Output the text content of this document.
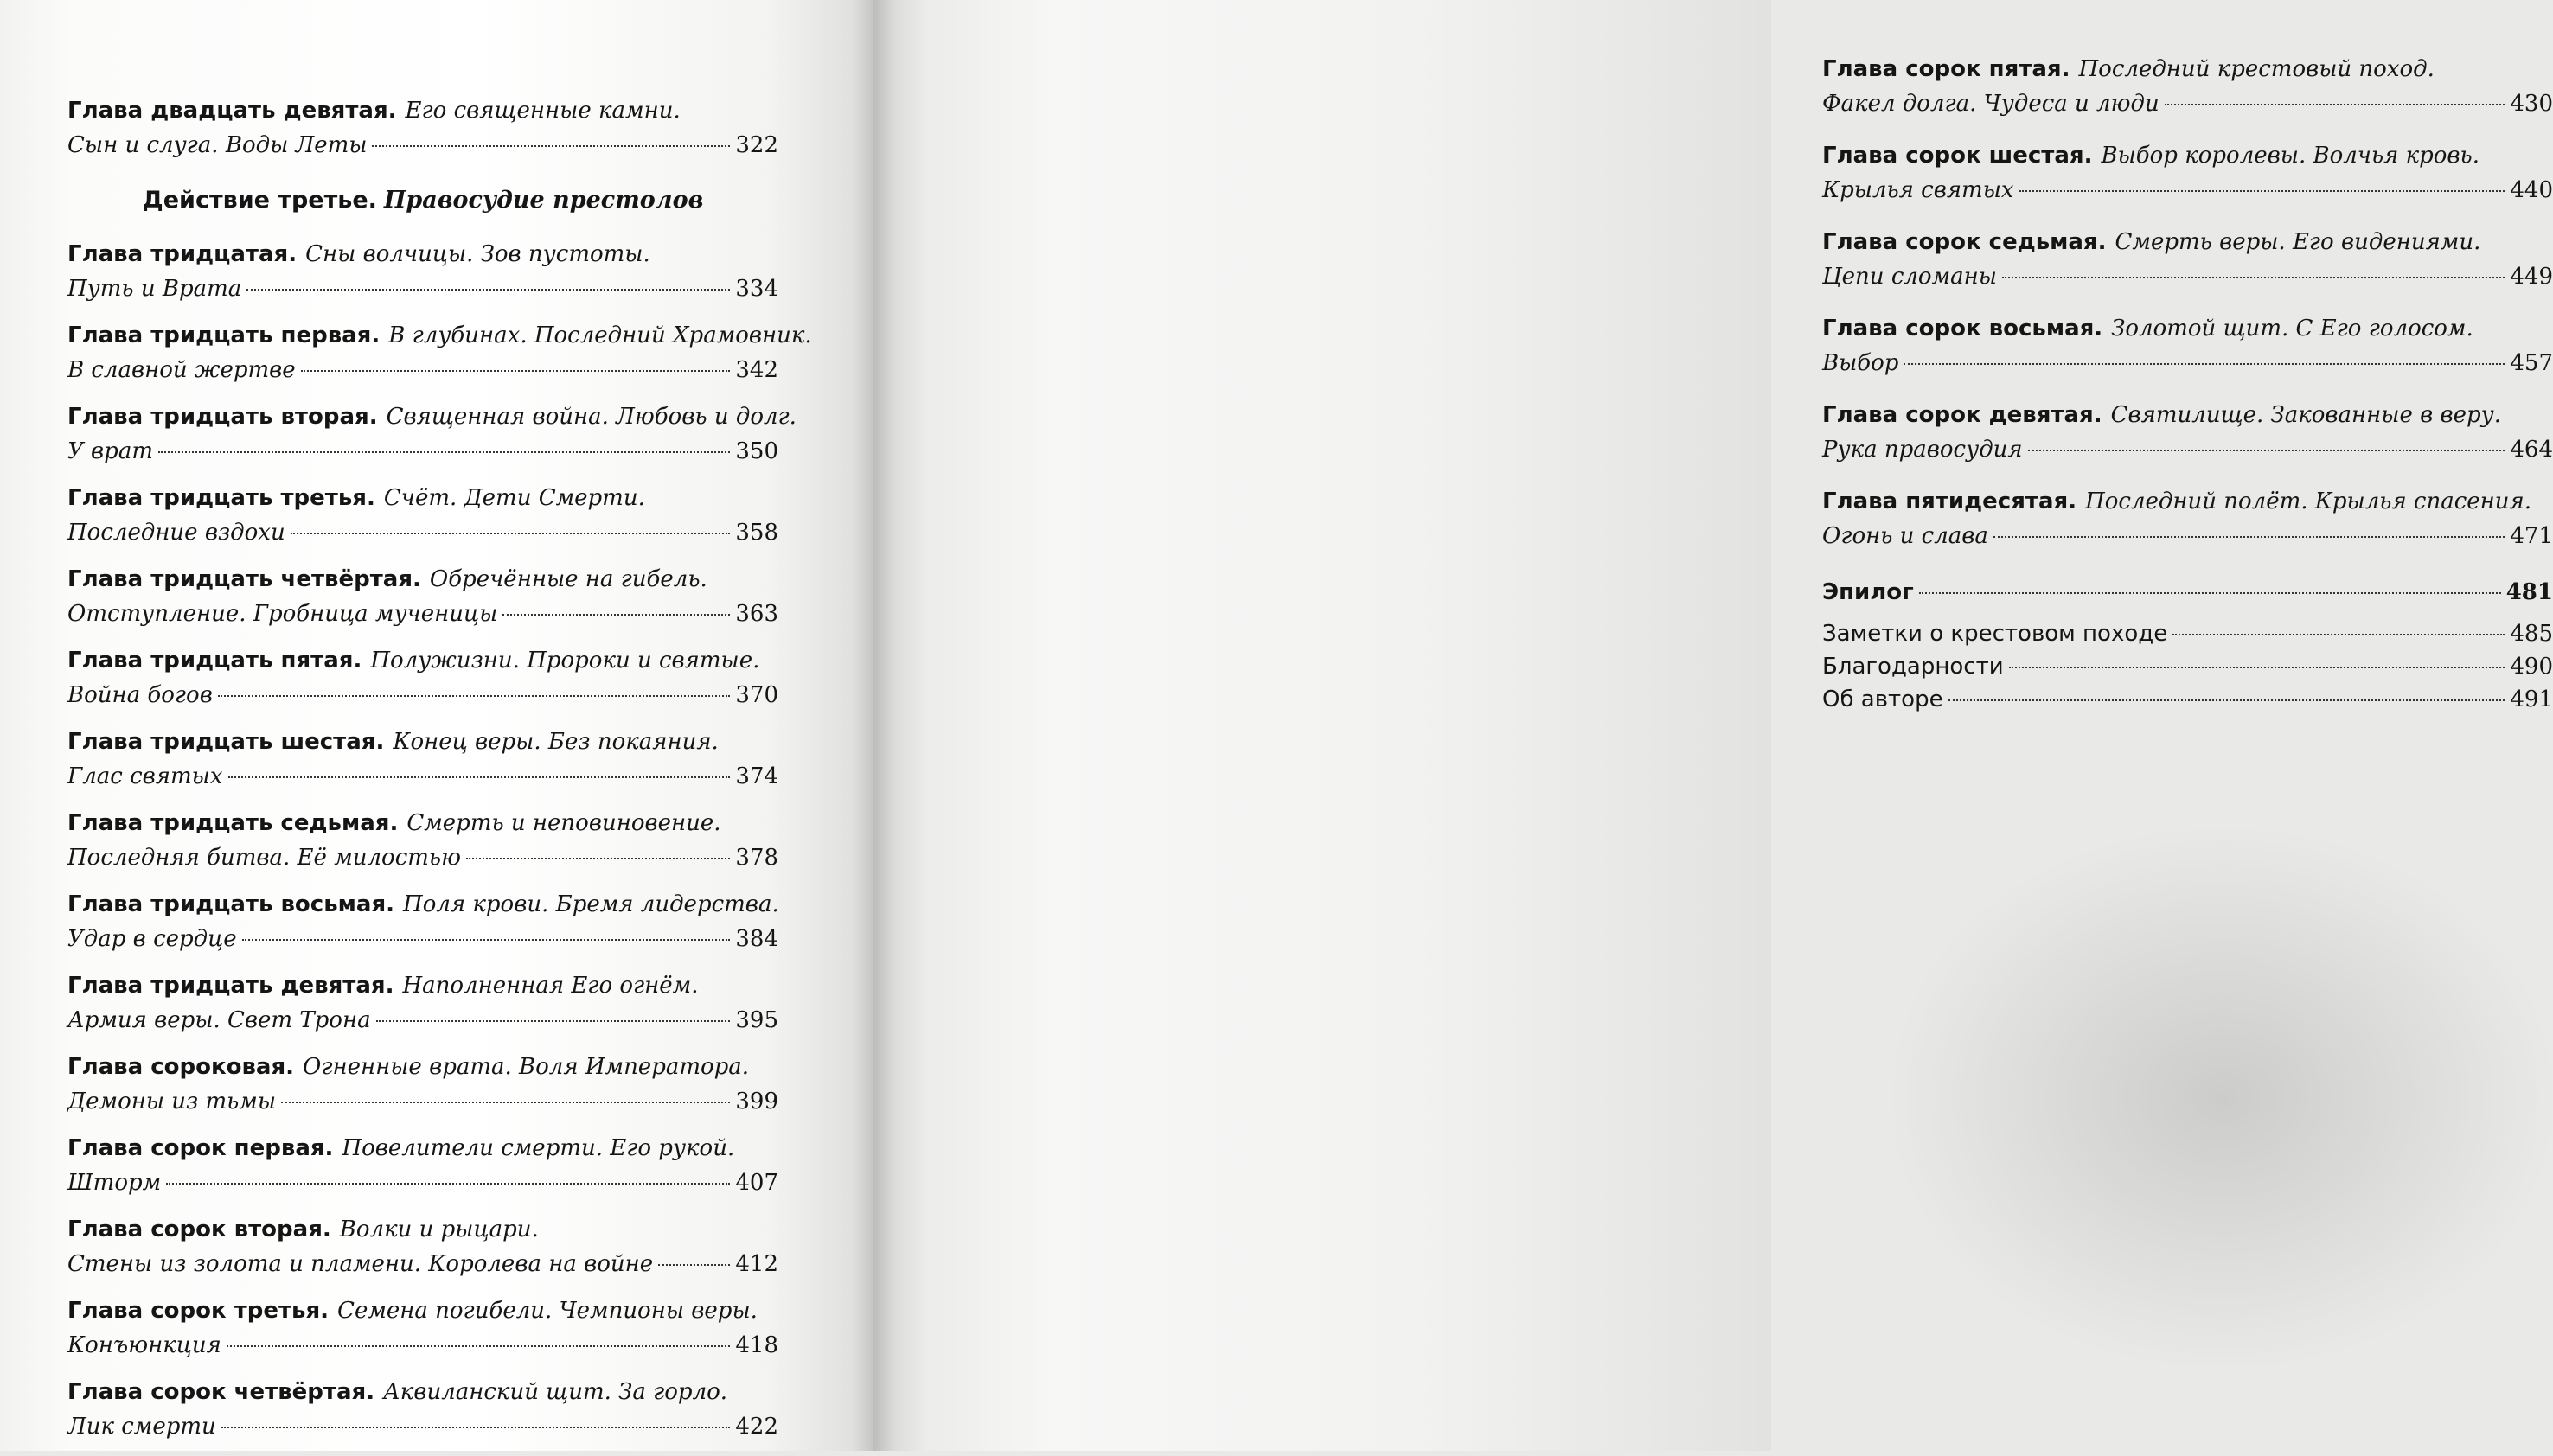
Глава двадцать девятая. Его священные камни.
Сын и слуга. Воды Леты	322
Действие третье. Правосудие престолов
Глава тридцатая. Сны волчицы. Зов пустоты.
Путь и Врата	334
Глава тридцать первая. В глубинах. Последний Храмовник.
В славной жертве	342
Глава тридцать вторая. Священная война. Любовь и долг.
У врат	350
Глава тридцать третья. Счёт. Дети Смерти.
Последние вздохи	358
Глава тридцать четвёртая. Обречённые на гибель.
Отступление. Гробница мученицы	363
Глава тридцать пятая. Полужизни. Пророки и святые.
Война богов	370
Глава тридцать шестая. Конец веры. Без покаяния.
Глас святых	374
Глава тридцать седьмая. Смерть и неповиновение.
Последняя битва. Её милостью	378
Глава тридцать восьмая. Поля крови. Бремя лидерства.
Удар в сердце	384
Глава тридцать девятая. Наполненная Его огнём.
Армия веры. Свет Трона	395
Глава сороковая. Огненные врата. Воля Императора.
Демоны из тьмы	399
Глава сорок первая. Повелители смерти. Его рукой.
Шторм	407
Глава сорок вторая. Волки и рыцари.
Стены из золота и пламени. Королева на войне	412
Глава сорок третья. Семена погибели. Чемпионы веры.
Конъюнкция	418
Глава сорок четвёртая. Аквиланский щит. За горло.
Лик смерти	422
Глава сорок пятая. Последний крестовый поход.
Факел долга. Чудеса и люди	430
Глава сорок шестая. Выбор королевы. Волчья кровь.
Крылья святых	440
Глава сорок седьмая. Смерть веры. Его видениями.
Цепи сломаны	449
Глава сорок восьмая. Золотой щит. С Его голосом.
Выбор	457
Глава сорок девятая. Святилище. Закованные в веру.
Рука правосудия	464
Глава пятидесятая. Последний полёт. Крылья спасения.
Огонь и слава	471
Эпилог	481
Заметки о крестовом походе	485
Благодарности	490
Об авторе	491
